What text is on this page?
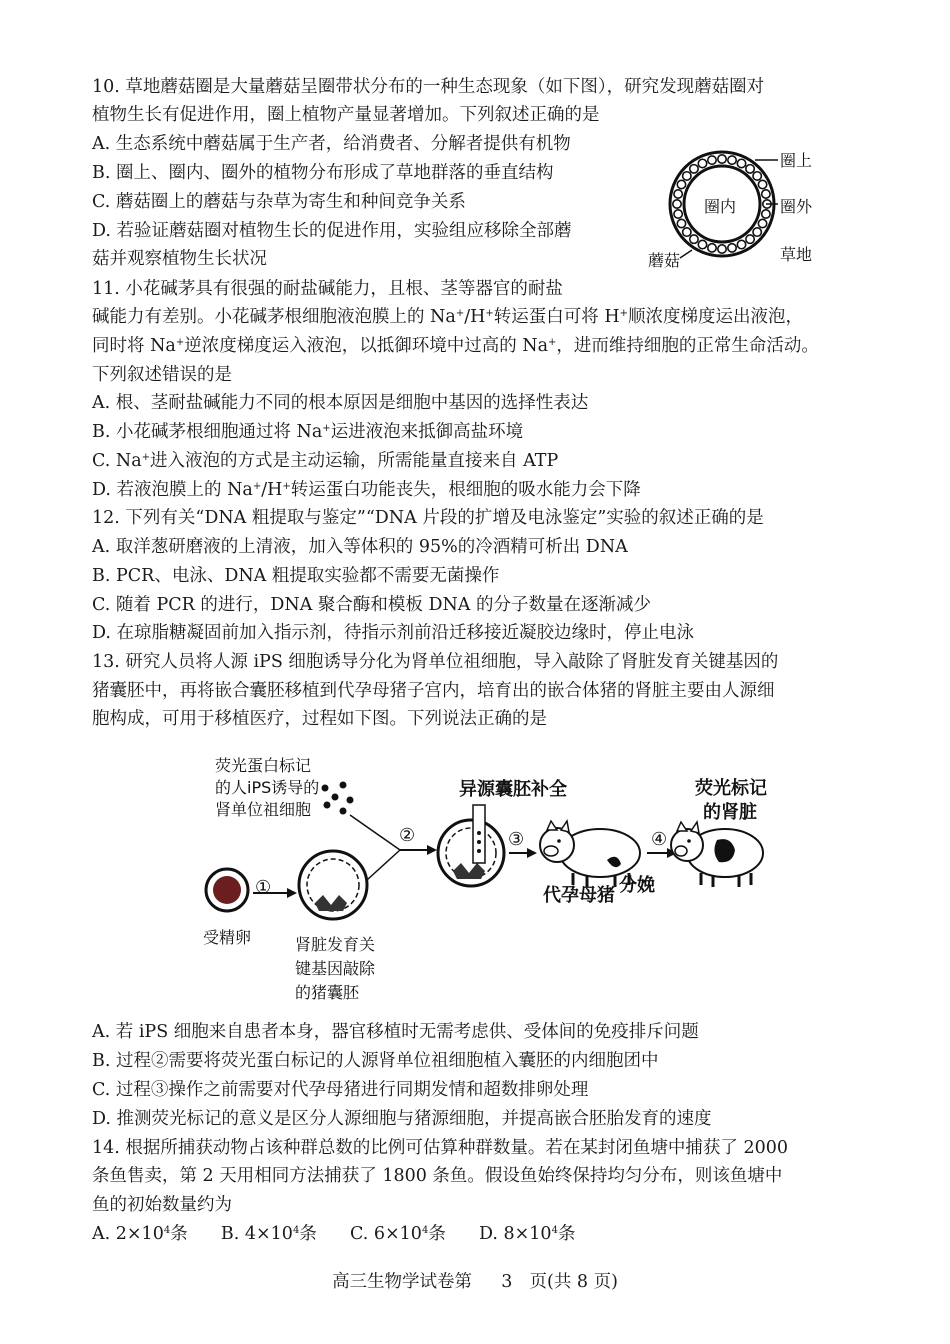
10. 草地蘑菇圈是大量蘑菇呈圈带状分布的一种生态现象（如下图），研究发现蘑菇圈对
植物生长有促进作用，圈上植物产量显著增加。下列叙述正确的是
A. 生态系统中蘑菇属于生产者，给消费者、分解者提供有机物
B. 圈上、圈内、圈外的植物分布形成了草地群落的垂直结构
C. 蘑菇圈上的蘑菇与杂草为寄生和种间竞争关系
D. 若验证蘑菇圈对植物生长的促进作用，实验组应移除全部蘑
菇并观察植物生长状况
圈上
圈内	圈外
草地
蘑菇
11. 小花碱茅具有很强的耐盐碱能力，且根、茎等器官的耐盐
碱能力有差别。小花碱茅根细胞液泡膜上的 Na+/H+转运蛋白可将 H+顺浓度梯度运出液泡，
同时将 Na+逆浓度梯度运入液泡，以抵御环境中过高的 Na+，进而维持细胞的正常生命活动。
下列叙述错误的是
A. 根、茎耐盐碱能力不同的根本原因是细胞中基因的选择性表达
B. 小花碱茅根细胞通过将 Na+运进液泡来抵御高盐环境
C. Na+进入液泡的方式是主动运输，所需能量直接来自 ATP
D. 若液泡膜上的 Na+/H+转运蛋白功能丧失，根细胞的吸水能力会下降
12. 下列有关“DNA 粗提取与鉴定”“DNA 片段的扩增及电泳鉴定”实验的叙述正确的是
A. 取洋葱研磨液的上清液，加入等体积的 95%的冷酒精可析出 DNA
B. PCR、电泳、DNA 粗提取实验都不需要无菌操作
C. 随着 PCR 的进行，DNA 聚合酶和模板 DNA 的分子数量在逐渐减少
D. 在琼脂糖凝固前加入指示剂，待指示剂前沿迁移接近凝胶边缘时，停止电泳
13. 研究人员将人源 iPS 细胞诱导分化为肾单位祖细胞，导入敲除了肾脏发育关键基因的
猪囊胚中，再将嵌合囊胚移植到代孕母猪子宫内，培育出的嵌合体猪的肾脏主要由人源细
胞构成，可用于移植医疗，过程如下图。下列说法正确的是
荧光蛋白标记
的人iPS诱导的
肾单位祖细胞
①
②	③	④
受精卵	肾脏发育关
键基因敲除
的猪囊胚
异源囊胚补全
代孕母猪 分娩
荧光标记
的肾脏
A. 若 iPS 细胞来自患者本身，器官移植时无需考虑供、受体间的免疫排斥问题
B. 过程②需要将荧光蛋白标记的人源肾单位祖细胞植入囊胚的内细胞团中
C. 过程③操作之前需要对代孕母猪进行同期发情和超数排卵处理
D. 推测荧光标记的意义是区分人源细胞与猪源细胞，并提高嵌合胚胎发育的速度
14. 根据所捕获动物占该种群总数的比例可估算种群数量。若在某封闭鱼塘中捕获了 2000
条鱼售卖，第 2 天用相同方法捕获了 1800 条鱼。假设鱼始终保持均匀分布，则该鱼塘中
鱼的初始数量约为
A. $2\times 10^4$条 B. $4\times 10^4$条 C. $6\times 10^4$条 D. $8\times 10^4$条
高三生物学试卷第 3 页(共 8 页)
